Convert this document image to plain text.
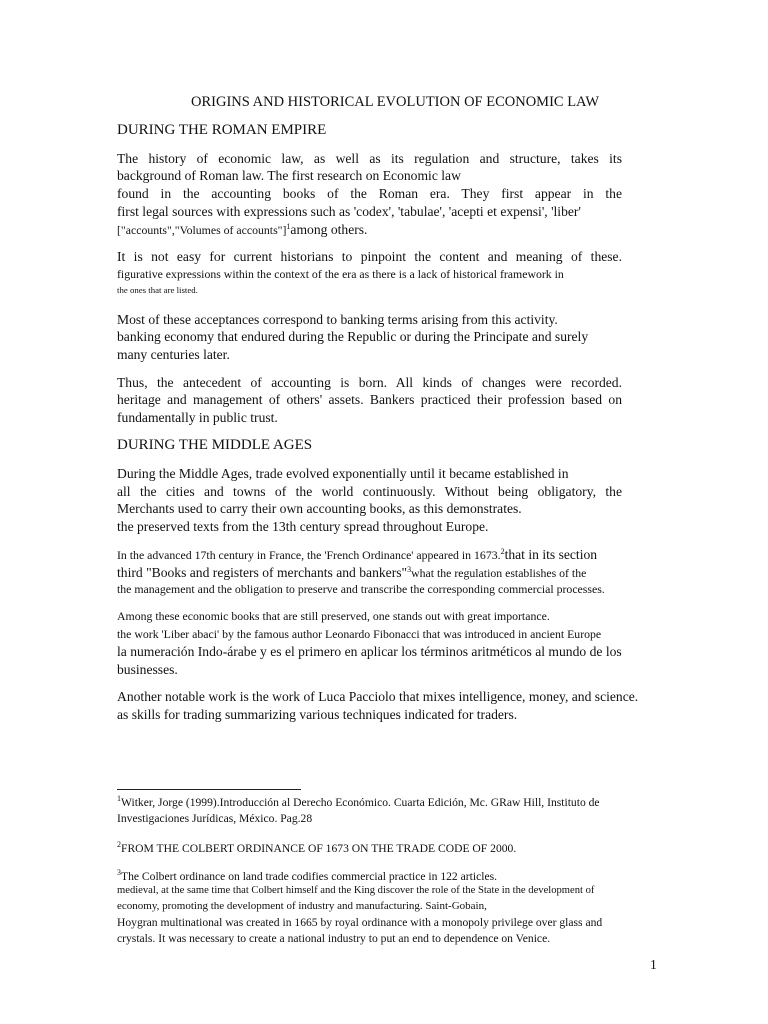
ORIGINS AND HISTORICAL EVOLUTION OF ECONOMIC LAW
DURING THE ROMAN EMPIRE
The history of economic law, as well as its regulation and structure, takes its
background of Roman law. The first research on Economic law
found in the accounting books of the Roman era. They first appear in the
first legal sources with expressions such as 'codex', 'tabulae', 'acepti et expensi', 'liber'
["accounts","Volumes of accounts"]$^1$among others.
It is not easy for current historians to pinpoint the content and meaning of these.
figurative expressions within the context of the era as there is a lack of historical framework in
the ones that are listed.
Most of these acceptances correspond to banking terms arising from this activity.
banking economy that endured during the Republic or during the Principate and surely
many centuries later.
Thus, the antecedent of accounting is born. All kinds of changes were recorded.
heritage and management of others' assets. Bankers practiced their profession based on
fundamentally in public trust.
DURING THE MIDDLE AGES
During the Middle Ages, trade evolved exponentially until it became established in
all the cities and towns of the world continuously. Without being obligatory, the
Merchants used to carry their own accounting books, as this demonstrates.
the preserved texts from the 13th century spread throughout Europe.
In the advanced 17th century in France, the 'French Ordinance' appeared in 1673.$^2$that in its section
third "Books and registers of merchants and bankers"$^3$what the regulation establishes of the
the management and the obligation to preserve and transcribe the corresponding commercial processes.
Among these economic books that are still preserved, one stands out with great importance.
the work 'Liber abaci' by the famous author Leonardo Fibonacci that was introduced in ancient Europe
la numeración Indo-árabe y es el primero en aplicar los términos aritméticos al mundo de los
businesses.
Another notable work is the work of Luca Pacciolo that mixes intelligence, money, and science.
as skills for trading summarizing various techniques indicated for traders.
$^1$Witker, Jorge (1999).Introducción al Derecho Económico. Cuarta Edición, Mc. GRaw Hill, Instituto de
Investigaciones Jurídicas, México. Pag.28
$^2$FROM THE COLBERT ORDINANCE OF 1673 ON THE TRADE CODE OF 2000.
$^3$The Colbert ordinance on land trade codifies commercial practice in 122 articles.
medieval, at the same time that Colbert himself and the King discover the role of the State in the development of
economy, promoting the development of industry and manufacturing. Saint-Gobain,
Hoygran multinational was created in 1665 by royal ordinance with a monopoly privilege over glass and
crystals. It was necessary to create a national industry to put an end to dependence on Venice.
1
